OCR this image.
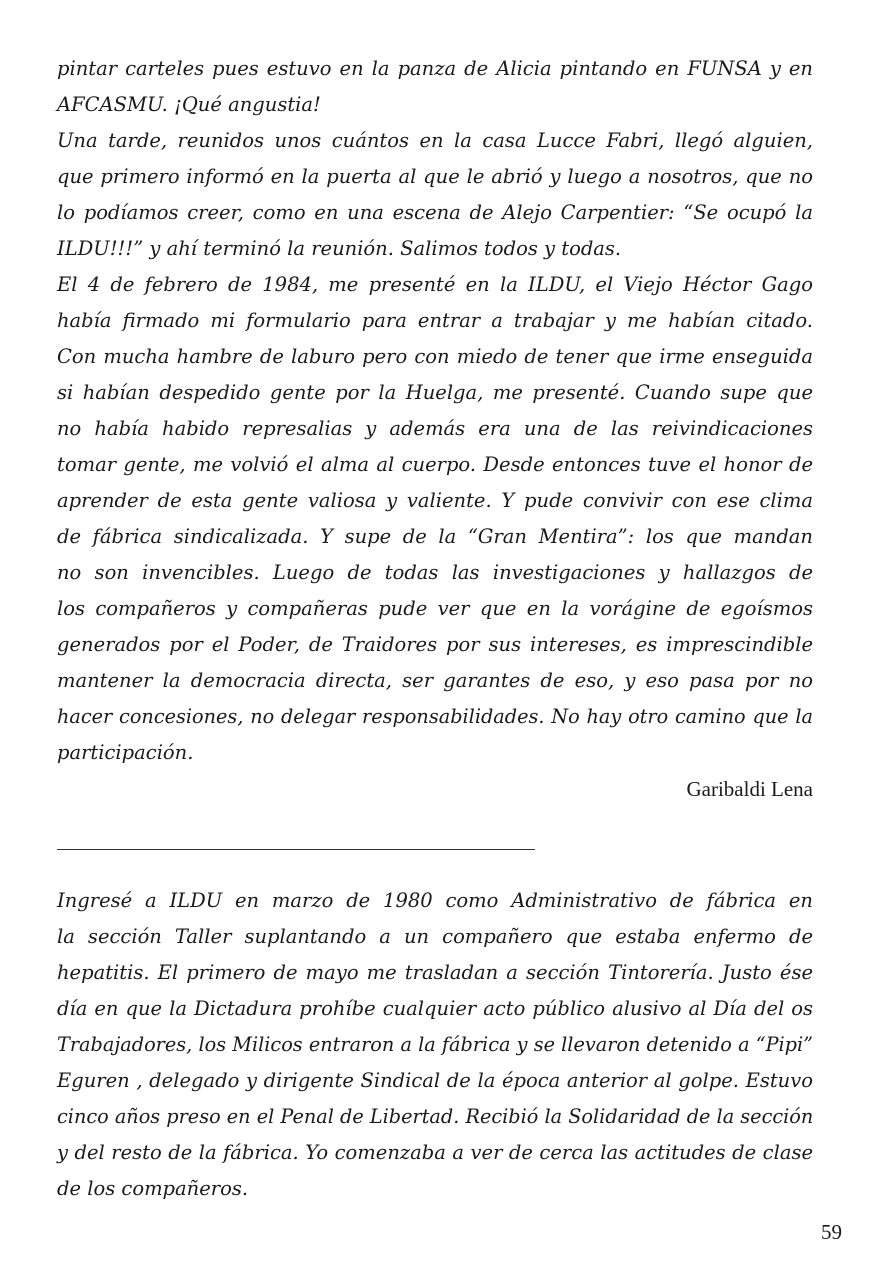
pintar carteles pues estuvo en la panza de Alicia pintando en FUNSA y en
AFCASMU. ¡Qué angustia!
Una tarde, reunidos unos cuántos en la casa Lucce Fabri, llegó alguien,
que primero informó en la puerta al que le abrió y luego a nosotros, que no
lo podíamos creer, como en una escena de Alejo Carpentier: “Se ocupó la
ILDU!!!” y ahí terminó la reunión. Salimos todos y todas.
El 4 de febrero de 1984, me presenté en la ILDU, el Viejo Héctor Gago
había firmado mi formulario para entrar a trabajar y me habían citado.
Con mucha hambre de laburo pero con miedo de tener que irme enseguida
si habían despedido gente por la Huelga, me presenté. Cuando supe que
no había habido represalias y además era una de las reivindicaciones
tomar gente, me volvió el alma al cuerpo. Desde entonces tuve el honor de
aprender de esta gente valiosa y valiente. Y pude convivir con ese clima
de fábrica sindicalizada. Y supe de la “Gran Mentira”: los que mandan
no son invencibles. Luego de todas las investigaciones y hallazgos de
los compañeros y compañeras pude ver que en la vorágine de egoísmos
generados por el Poder, de Traidores por sus intereses, es imprescindible
mantener la democracia directa, ser garantes de eso, y eso pasa por no
hacer concesiones, no delegar responsabilidades. No hay otro camino que la
participación.
Garibaldi Lena
Ingresé a ILDU en marzo de 1980 como Administrativo de fábrica en
la sección Taller suplantando a un compañero que estaba enfermo de
hepatitis. El primero de mayo me trasladan a sección Tintorería. Justo ése
día en que la Dictadura prohíbe cualquier acto público alusivo al Día del os
Trabajadores, los Milicos entraron a la fábrica y se llevaron detenido a “Pipi”
Eguren , delegado y dirigente Sindical de la época anterior al golpe. Estuvo
cinco años preso en el Penal de Libertad. Recibió la Solidaridad de la sección
y del resto de la fábrica. Yo comenzaba a ver de cerca las actitudes de clase
de los compañeros.
59
